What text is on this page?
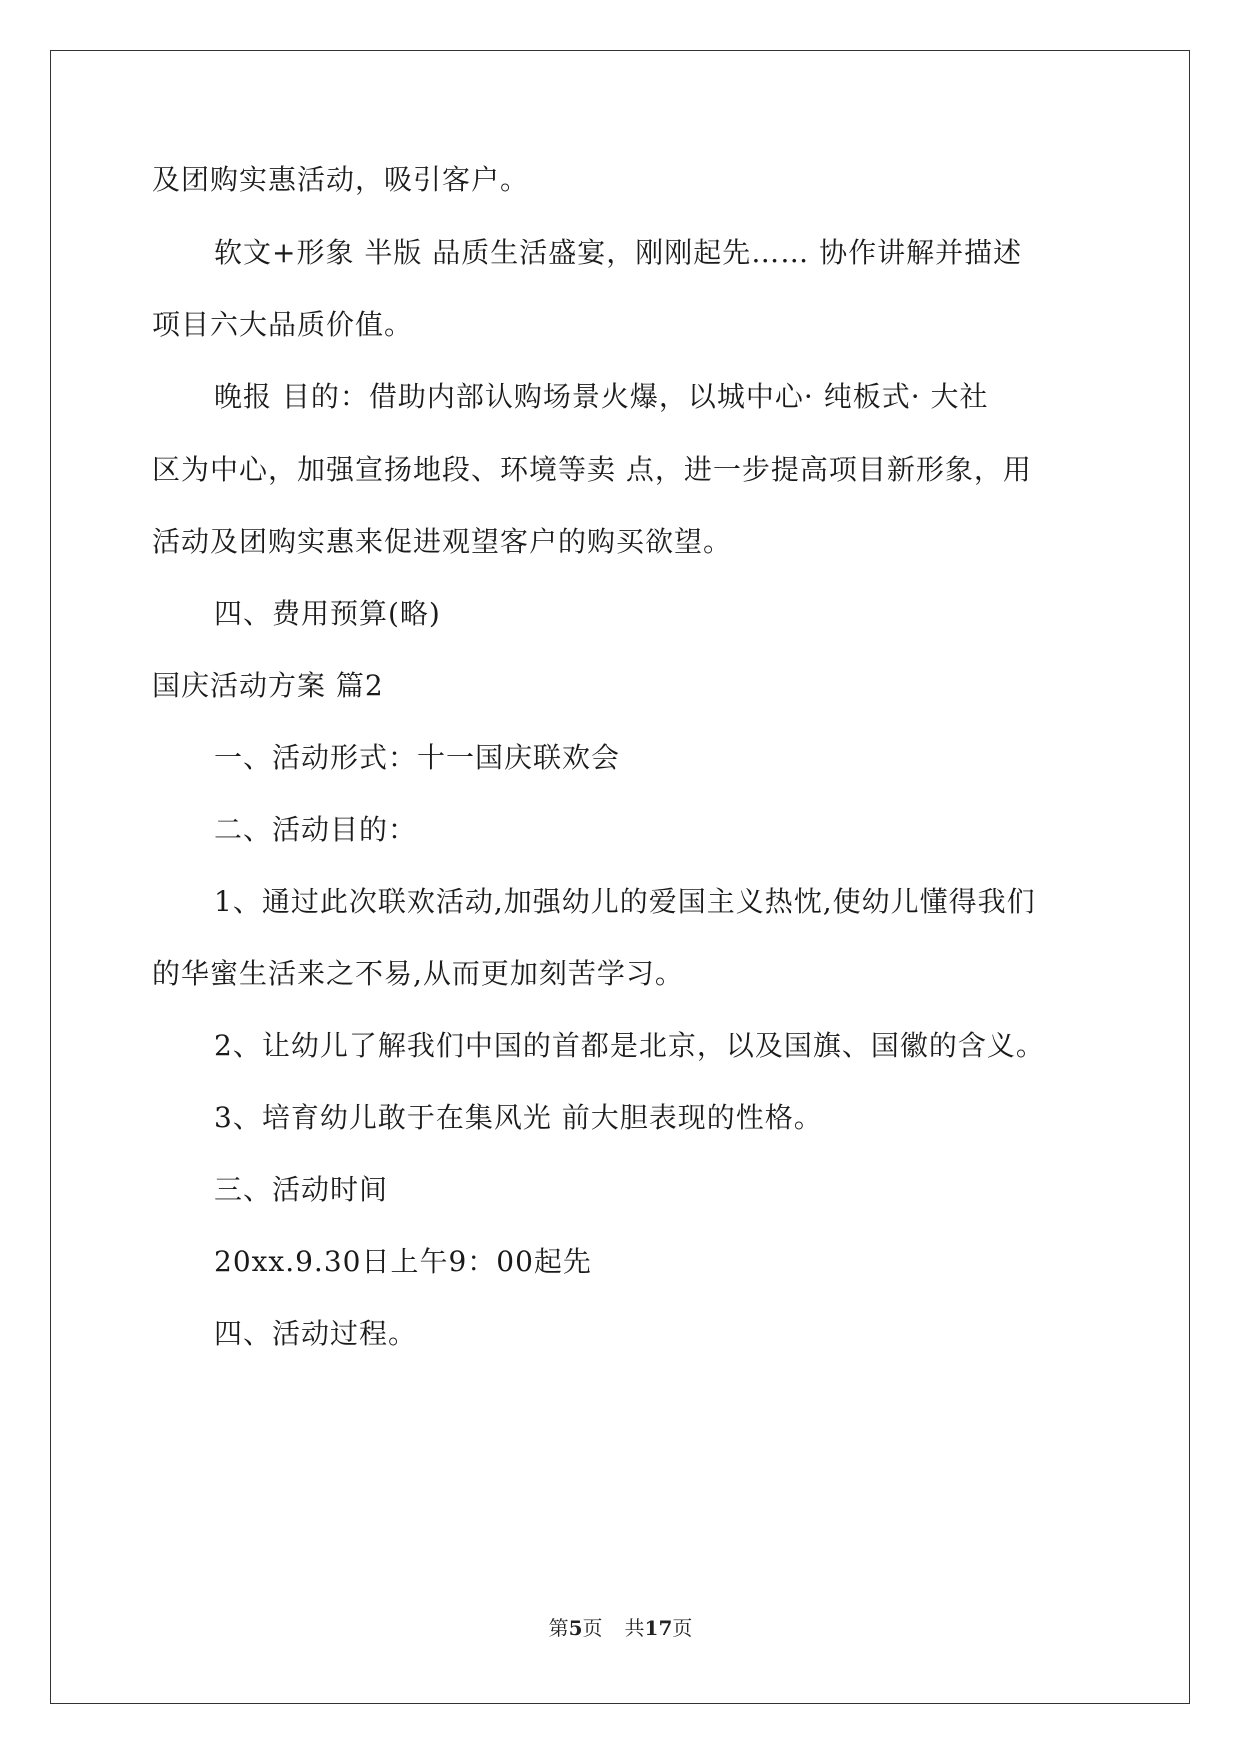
及团购实惠活动，吸引客户。
软文+形象 半版 品质生活盛宴，刚刚起先…… 协作讲解并描述
项目六大品质价值。
晚报 目的：借助内部认购场景火爆，以城中心· 纯板式· 大社
区为中心，加强宣扬地段、环境等卖 点，进一步提高项目新形象，用
活动及团购实惠来促进观望客户的购买欲望。
四、费用预算(略)
国庆活动方案 篇2
一、活动形式：十一国庆联欢会
二、活动目的：
1、通过此次联欢活动,加强幼儿的爱国主义热忱,使幼儿懂得我们
的华蜜生活来之不易,从而更加刻苦学习。
2、让幼儿了解我们中国的首都是北京，以及国旗、国徽的含义。
3、培育幼儿敢于在集风光 前大胆表现的性格。
三、活动时间
20xx.9.30日上午9：00起先
四、活动过程。
第5页 共17页
